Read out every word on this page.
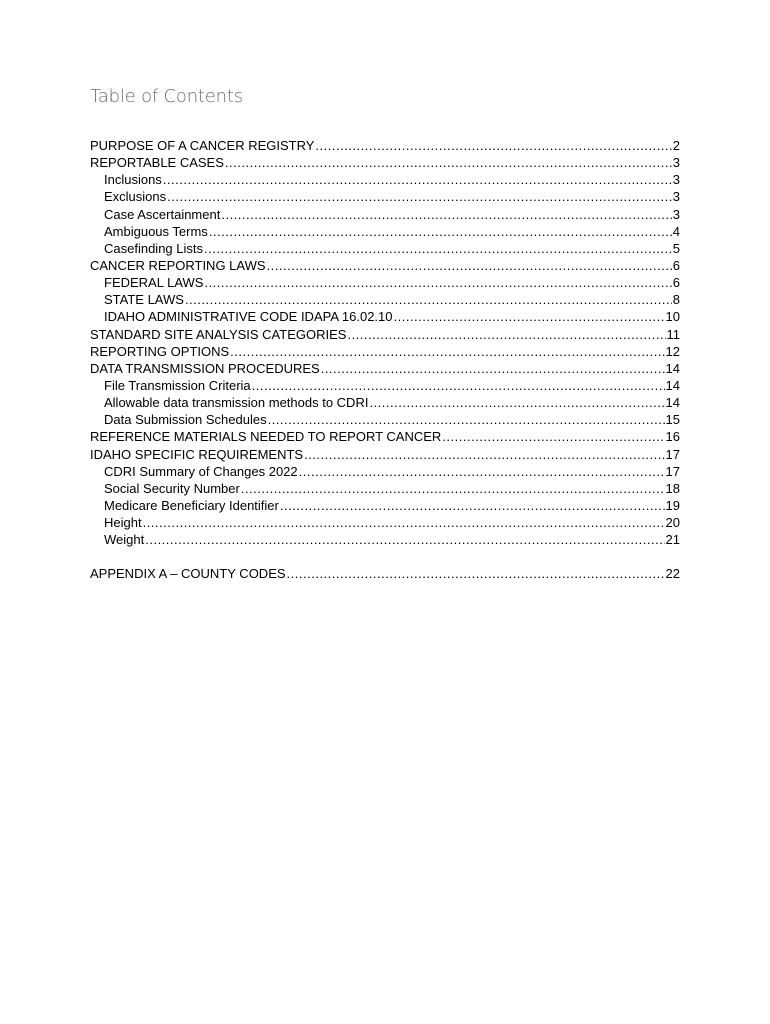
Table of Contents
PURPOSE OF A CANCER REGISTRY .....	2
REPORTABLE CASES .....	3
Inclusions .....	3
Exclusions .....	3
Case Ascertainment .....	3
Ambiguous Terms .....	4
Casefinding Lists .....	5
CANCER REPORTING LAWS .....	6
FEDERAL LAWS .....	6
STATE LAWS .....	8
IDAHO ADMINISTRATIVE CODE IDAPA 16.02.10 .....	10
STANDARD SITE ANALYSIS CATEGORIES .....	11
REPORTING OPTIONS .....	12
DATA TRANSMISSION PROCEDURES .....	14
File Transmission Criteria .....	14
Allowable data transmission methods to CDRI .....	14
Data Submission Schedules .....	15
REFERENCE MATERIALS NEEDED TO REPORT CANCER .....	16
IDAHO SPECIFIC REQUIREMENTS .....	17
CDRI Summary of Changes 2022 .....	17
Social Security Number .....	18
Medicare Beneficiary Identifier .....	19
Height .....	20
Weight .....	21
APPENDIX A – COUNTY CODES .....	22
